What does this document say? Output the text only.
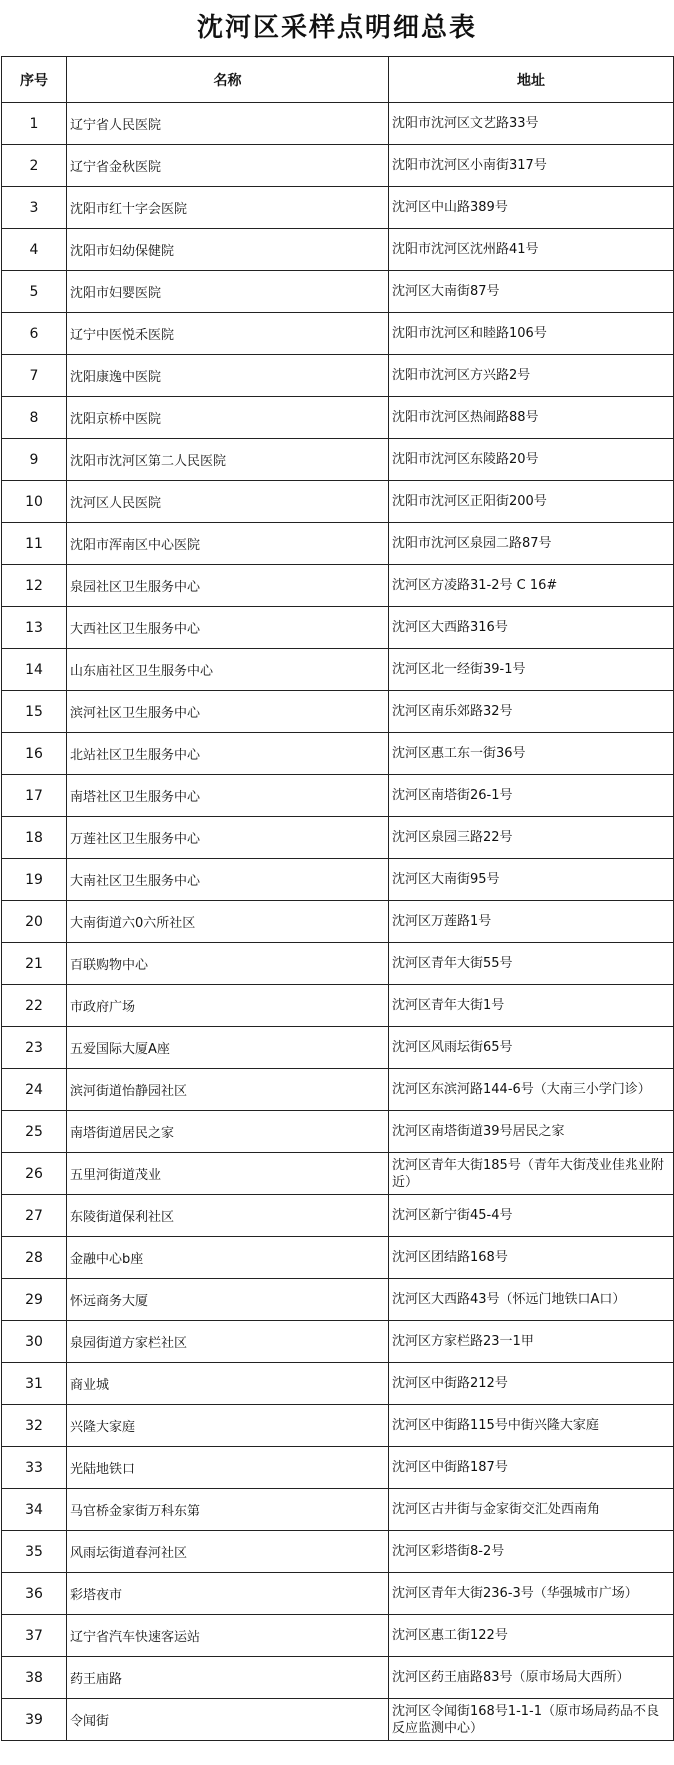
沈河区采样点明细总表
序号	名称	地址
1	辽宁省人民医院	沈阳市沈河区文艺路33号
2	辽宁省金秋医院	沈阳市沈河区小南街317号
3	沈阳市红十字会医院	沈河区中山路389号
4	沈阳市妇幼保健院	沈阳市沈河区沈州路41号
5	沈阳市妇婴医院	沈河区大南街87号
6	辽宁中医悦禾医院	沈阳市沈河区和睦路106号
7	沈阳康逸中医院	沈阳市沈河区方兴路2号
8	沈阳京桥中医院	沈阳市沈河区热闹路88号
9	沈阳市沈河区第二人民医院	沈阳市沈河区东陵路20号
10	沈河区人民医院	沈阳市沈河区正阳街200号
11	沈阳市浑南区中心医院	沈阳市沈河区泉园二路87号
12	泉园社区卫生服务中心	沈河区方凌路31-2号 C 16#
13	大西社区卫生服务中心	沈河区大西路316号
14	山东庙社区卫生服务中心	沈河区北一经街39-1号
15	滨河社区卫生服务中心	沈河区南乐郊路32号
16	北站社区卫生服务中心	沈河区惠工东一街36号
17	南塔社区卫生服务中心	沈河区南塔街26-1号
18	万莲社区卫生服务中心	沈河区泉园三路22号
19	大南社区卫生服务中心	沈河区大南街95号
20	大南街道六0六所社区	沈河区万莲路1号
21	百联购物中心	沈河区青年大街55号
22	市政府广场	沈河区青年大街1号
23	五爱国际大厦A座	沈河区风雨坛街65号
24	滨河街道怡静园社区	沈河区东滨河路144-6号（大南三小学门诊）
25	南塔街道居民之家	沈河区南塔街道39号居民之家
26	五里河街道茂业	沈河区青年大街185号（青年大街茂业佳兆业附近）
27	东陵街道保利社区	沈河区新宁街45-4号
28	金融中心b座	沈河区团结路168号
29	怀远商务大厦	沈河区大西路43号（怀远门地铁口A口）
30	泉园街道方家栏社区	沈河区方家栏路23一1甲
31	商业城	沈河区中街路212号
32	兴隆大家庭	沈河区中街路115号中街兴隆大家庭
33	光陆地铁口	沈河区中街路187号
34	马官桥金家街万科东第	沈河区古井街与金家街交汇处西南角
35	风雨坛街道春河社区	沈河区彩塔街8-2号
36	彩塔夜市	沈河区青年大街236-3号（华强城市广场）
37	辽宁省汽车快速客运站	沈河区惠工街122号
38	药王庙路	沈河区药王庙路83号（原市场局大西所）
39	令闻街	沈河区令闻街168号1-1-1（原市场局药品不良反应监测中心）
